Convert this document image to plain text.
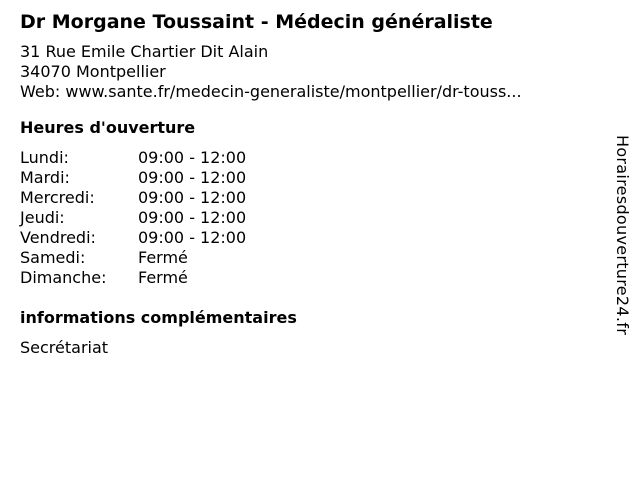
Dr Morgane Toussaint - Médecin généraliste
31 Rue Emile Chartier Dit Alain
34070 Montpellier
Web: www.sante.fr/medecin-generaliste/montpellier/dr-touss...
Heures d'ouverture
Lundi:	09:00 - 12:00
Mardi:	09:00 - 12:00
Mercredi:	09:00 - 12:00
Jeudi:	09:00 - 12:00
Vendredi:	09:00 - 12:00
Samedi:	Fermé
Dimanche:	Fermé
informations complémentaires
Secrétariat
Horairesdouverture24.fr
